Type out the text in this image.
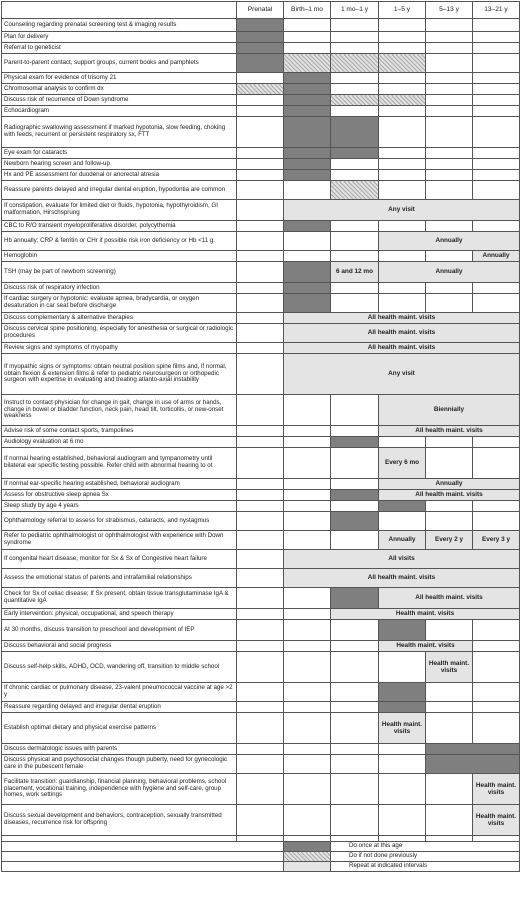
	Prenatal	Birth–1 mo	1 mo–1 y	1–5 y	5–13 y	13–21 y
Counseling regarding prenatal screening test & imaging results						
Plan for delivery						
Referral to geneticist						
Parent-to-parent contact, support groups, current books and pamphlets						
Physical exam for evidence of trisomy 21						
Chromosomal analysis to confirm dx						
Discuss risk of recurrence of Down syndrome						
Echocardiogram						
Radiographic swallowing assessment if marked hypotonia, slow feeding, choking with feeds, recurrent or persistent respiratory sx, FTT						
Eye exam for cataracts						
Newborn hearing screen and follow-up						
Hx and PE assessment for duodenal or anorectal atresia						
Reassure parents delayed and irregular dental eruption, hypodontia are common						
If constipation, evaluate for limited diet or fluids, hypotonia, hypothyroidism, GI malformation, Hirschsprung		Any visit				

CBC to R/O transient myeloproliferative disorder, polycythemia						
Hb annually; CRP & ferritin or CHr if possible risk iron deficiency or Hb <11 g.				Annually		

Hemoglobin						Annually

TSH (may be part of newborn screening)			6 and 12 mo	Annually		

Discuss risk of respiratory infection						
If cardiac surgery or hypotonic: evaluate apnea, bradycardia, or oxygen desaturation in car seat before discharge						
Discuss complementary & alternative therapies		All health maint. visits				

Discuss cervical spine positioning, especially for anesthesia or surgical or radiologic procedures		All health maint. visits				

Review signs and symptoms of myopathy		All health maint. visits				

If myopathic signs or symptoms: obtain neutral position spine films and, if normal, obtain flexion & extension films & refer to pediatric neurosurgeon or orthopedic surgeon with expertise in evaluating and treating atlanto-axial instability		Any visit				

Instruct to contact physician for change in gait, change in use of arms or hands, change in bowel or bladder function, neck pain, head tilt, torticollis, or new-onset weakness				Biennially		

Advise risk of some contact sports, trampolines				All health maint. visits		

Audiology evaluation at 6 mo						
If normal hearing established, behavioral audiogram and tympanometry until bilateral ear specific testing possible. Refer child with abnormal hearing to ot				Every 6 mo		

If normal ear-specific hearing established, behavioral audiogram				Annually		

Assess for obstructive sleep apnea Sx				All health maint. visits		

Sleep study by age 4 years						
Ophthalmology referral to assess for strabismus, cataracts, and nystagmus						
Refer to pediatric ophthalmologist or ophthalmologist with experience with Down syndrome				Annually	Every 2 y	Every 3 y

If congenital heart disease, monitor for Sx & Sx of Congestive heart failure		All visits				

Assess the emotional status of parents and intrafamilial relationships		All health maint. visits				

Check for Sx of celiac disease; If Sx present, obtain tissue transglutaminase IgA & quantitative IgA				All health maint. visits		

Early intervention: physical, occupational, and speech therapy			Health maint. visits			

At 30 months, discuss transition to preschool and development of IEP						
Discuss behavioral and social progress				Health maint. visits		

Discuss self-help skills, ADHD, OCD, wandering off, transition to middle school					Health maint. visits	

If chronic cardiac or pulmonary disease, 23-valent pneumococcal vaccine at age >2 y						
Reassure regarding delayed and irregular dental eruption						
Establish optimal dietary and physical exercise patterns				Health maint. visits		

Discuss dermatologic issues with parents						
Discuss physical and psychosocial changes though puberty, need for gynecologic care in the pubescent female						
Facilitate transition: guardianship, financial planning, behavioral problems, school placement, vocational training, independence with hygiene and self-care, group homes, work settings						Health maint. visits

Discuss sexual development and behaviors, contraception, sexually transmitted diseases, recurrence risk for offspring						Health maint. visits

			Do once at this age			
			Do if not done previously			
			Repeat at indicated intervals			
